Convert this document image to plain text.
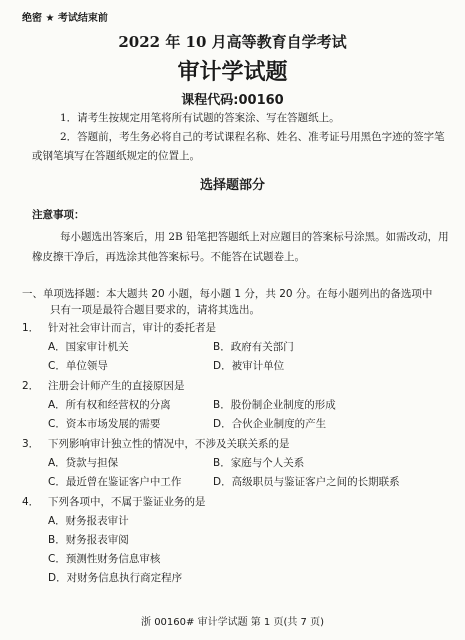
绝密 ★ 考试结束前
2022 年 10 月高等教育自学考试
审计学试题
课程代码:00160
1．请考生按规定用笔将所有试题的答案涂、写在答题纸上。
2．答题前，考生务必将自己的考试课程名称、姓名、准考证号用黑色字迹的签字笔或钢笔填写在答题纸规定的位置上。
选择题部分
注意事项：
每小题选出答案后，用 2B 铅笔把答题纸上对应题目的答案标号涂黑。如需改动，用橡皮擦干净后，再选涂其他答案标号。不能答在试题卷上。
一、单项选择题：本大题共 20 小题，每小题 1 分，共 20 分。在每小题列出的备选项中
只有一项是最符合题目要求的，请将其选出。
1． 针对社会审计而言，审计的委托者是
A．国家审计机关	B．政府有关部门
C．单位领导	D．被审计单位
2． 注册会计师产生的直接原因是
A．所有权和经营权的分离	B．股份制企业制度的形成
C．资本市场发展的需要	D．合伙企业制度的产生
3． 下列影响审计独立性的情况中，不涉及关联关系的是
A．贷款与担保	B．家庭与个人关系
C．最近曾在鉴证客户中工作	D．高级职员与鉴证客户之间的长期联系
4． 下列各项中，不属于鉴证业务的是
A．财务报表审计
B．财务报表审阅
C．预测性财务信息审核
D．对财务信息执行商定程序
浙 00160# 审计学试题 第 1 页(共 7 页)
